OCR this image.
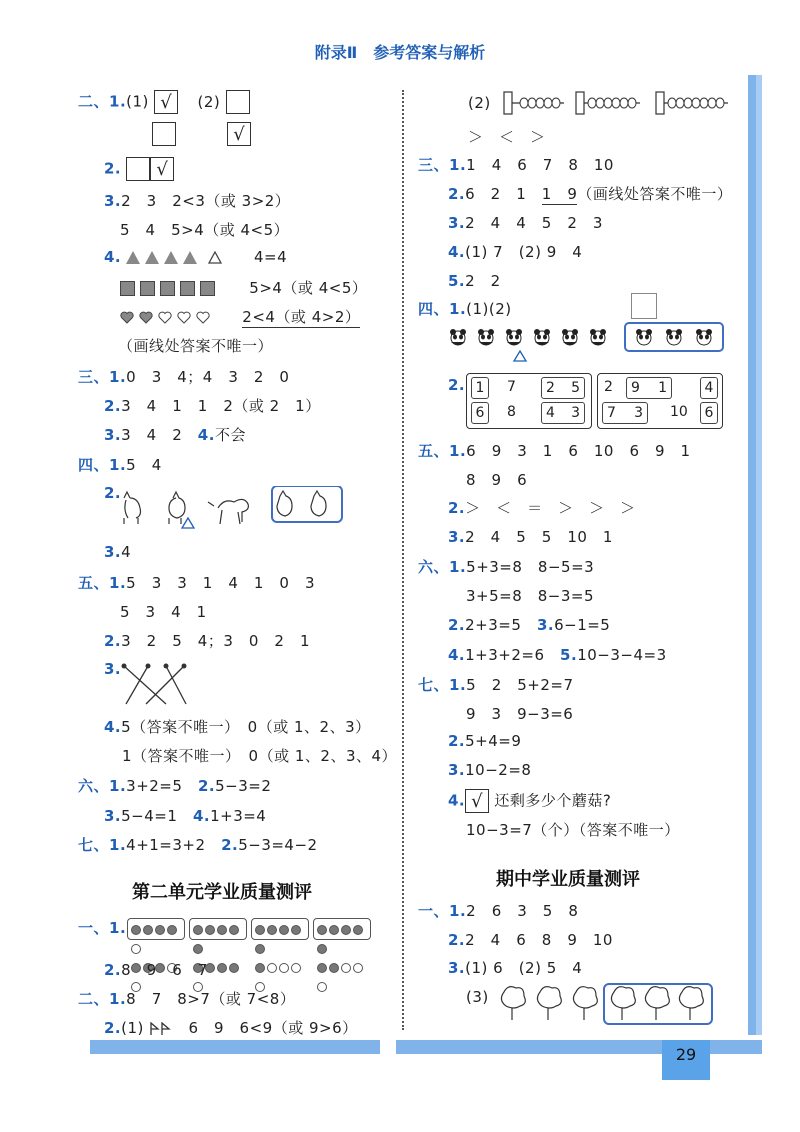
附录Ⅱ　参考答案与解析
二、1.(1) √ (2)
√
2. √
3.2　3　2<3（或 3>2）
5　4　5>4（或 4<5）
4.	4=4
5>4（或 4<5）
2<4（或 4>2）
（画线处答案不唯一）
三、1.0　3　4；4　3　2　0
2.3　4　1　1　2（或 2　1）
3.3　4　2　 4.不会
四、1.5　4
2.
3.4
五、1.5　3　3　1　4　1　0　3
5　3　4　1
2.3　2　5　4；3　0　2　1
3.
4.5（答案不唯一）　0（或 1、2、3）
1（答案不唯一）　0（或 1、2、3、4）
六、1.3+2=5　 2.5−3=2
3.5−4=1　 4.1+3=4
七、1.4+1=3+2　 2.5−3=4−2
第二单元学业质量测评
一、1.

2.8　9　6　7
二、1.8　7　8>7（或 7<8）
2.(1)	6　9　6<9（或 9>6）
(2)
＞　＜　＞
三、1.1　4　6　7　8　10
2.6　2　1　1　9（画线处答案不唯一）
3.2　4　4　5　2　3
4.(1) 7　(2) 9　4
5.2　2
四、1.(1)(2)
2. 1	7 2 5
6	8 4 3
2 9 1	4
7 3 10	6
五、1.6　9　3　1　6　10　6　9　1
8　9　6
2.＞　＜　＝　＞　＞　＞
3.2　4　5　5　10　1
六、1.5+3=8　8−5=3
3+5=8　8−3=5
2.2+3=5　 3.6−1=5
4.1+3+2=6　 5.10−3−4=3
七、1.5　2　5+2=7
9　3　9−3=6
2.5+4=9
3.10−2=8
4. √ 还剩多少个蘑菇?
10−3=7（个）（答案不唯一）
期中学业质量测评
一、1.2　6　3　5　8
2.2　4　6　8　9　10
3.(1) 6　(2) 5　4
(3)
29
